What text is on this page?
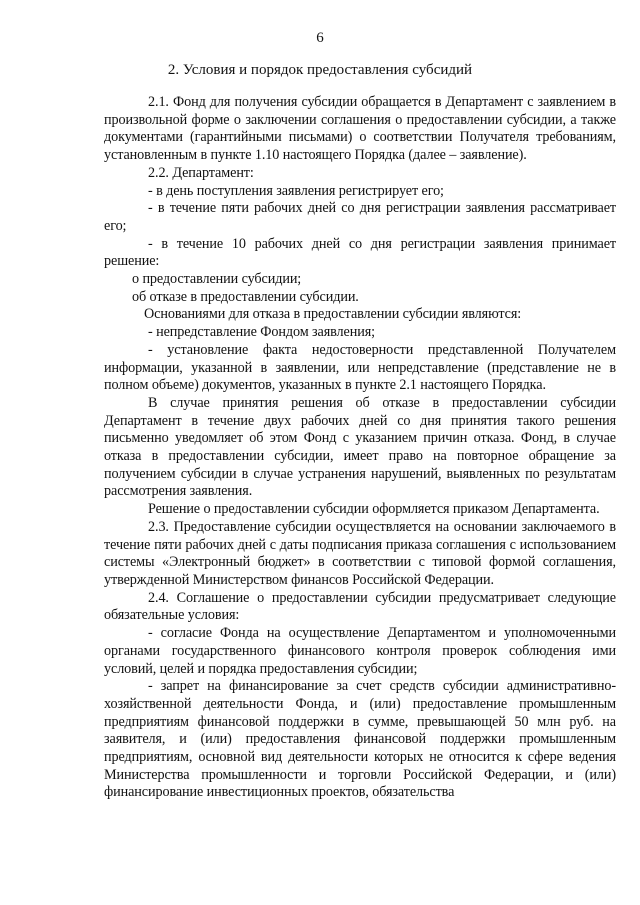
6
2. Условия и порядок предоставления субсидий

2.1. Фонд для получения субсидии обращается в Департамент с заявлением в произвольной форме о заключении соглашения о предоставлении субсидии, а также документами (гарантийными письмами) о соответствии Получателя требованиям, установленным в пункте 1.10 настоящего Порядка (далее – заявление).

2.2. Департамент:

- в день поступления заявления регистрирует его;

- в течение пяти рабочих дней со дня регистрации заявления рассматривает его;

- в течение 10 рабочих дней со дня регистрации заявления принимает решение:

о предоставлении субсидии;

об отказе в предоставлении субсидии.

Основаниями для отказа в предоставлении субсидии являются:

- непредставление Фондом заявления;

- установление факта недостоверности представленной Получателем информации, указанной в заявлении, или непредставление (представление не в полном объеме) документов, указанных в пункте 2.1 настоящего Порядка.

В случае принятия решения об отказе в предоставлении субсидии Департамент в течение двух рабочих дней со дня принятия такого решения письменно уведомляет об этом Фонд с указанием причин отказа. Фонд, в случае отказа в предоставлении субсидии, имеет право на повторное обращение за получением субсидии в случае устранения нарушений, выявленных по результатам рассмотрения заявления.

Решение о предоставлении субсидии оформляется приказом Департамента.

2.3. Предоставление субсидии осуществляется на основании заключаемого в течение пяти рабочих дней с даты подписания приказа соглашения с использованием системы «Электронный бюджет» в соответствии с типовой формой соглашения, утвержденной Министерством финансов Российской Федерации.

2.4. Соглашение о предоставлении субсидии предусматривает следующие обязательные условия:

- согласие Фонда на осуществление Департаментом и уполномоченными органами государственного финансового контроля проверок соблюдения ими условий, целей и порядка предоставления субсидии;

- запрет на финансирование за счет средств субсидии административно-хозяйственной деятельности Фонда, и (или) предоставление промышленным предприятиям финансовой поддержки в сумме, превышающей 50 млн руб. на заявителя, и (или) предоставления финансовой поддержки промышленным предприятиям, основной вид деятельности которых не относится к сфере ведения Министерства промышленности и торговли Российской Федерации, и (или) финансирование инвестиционных проектов, обязательства
